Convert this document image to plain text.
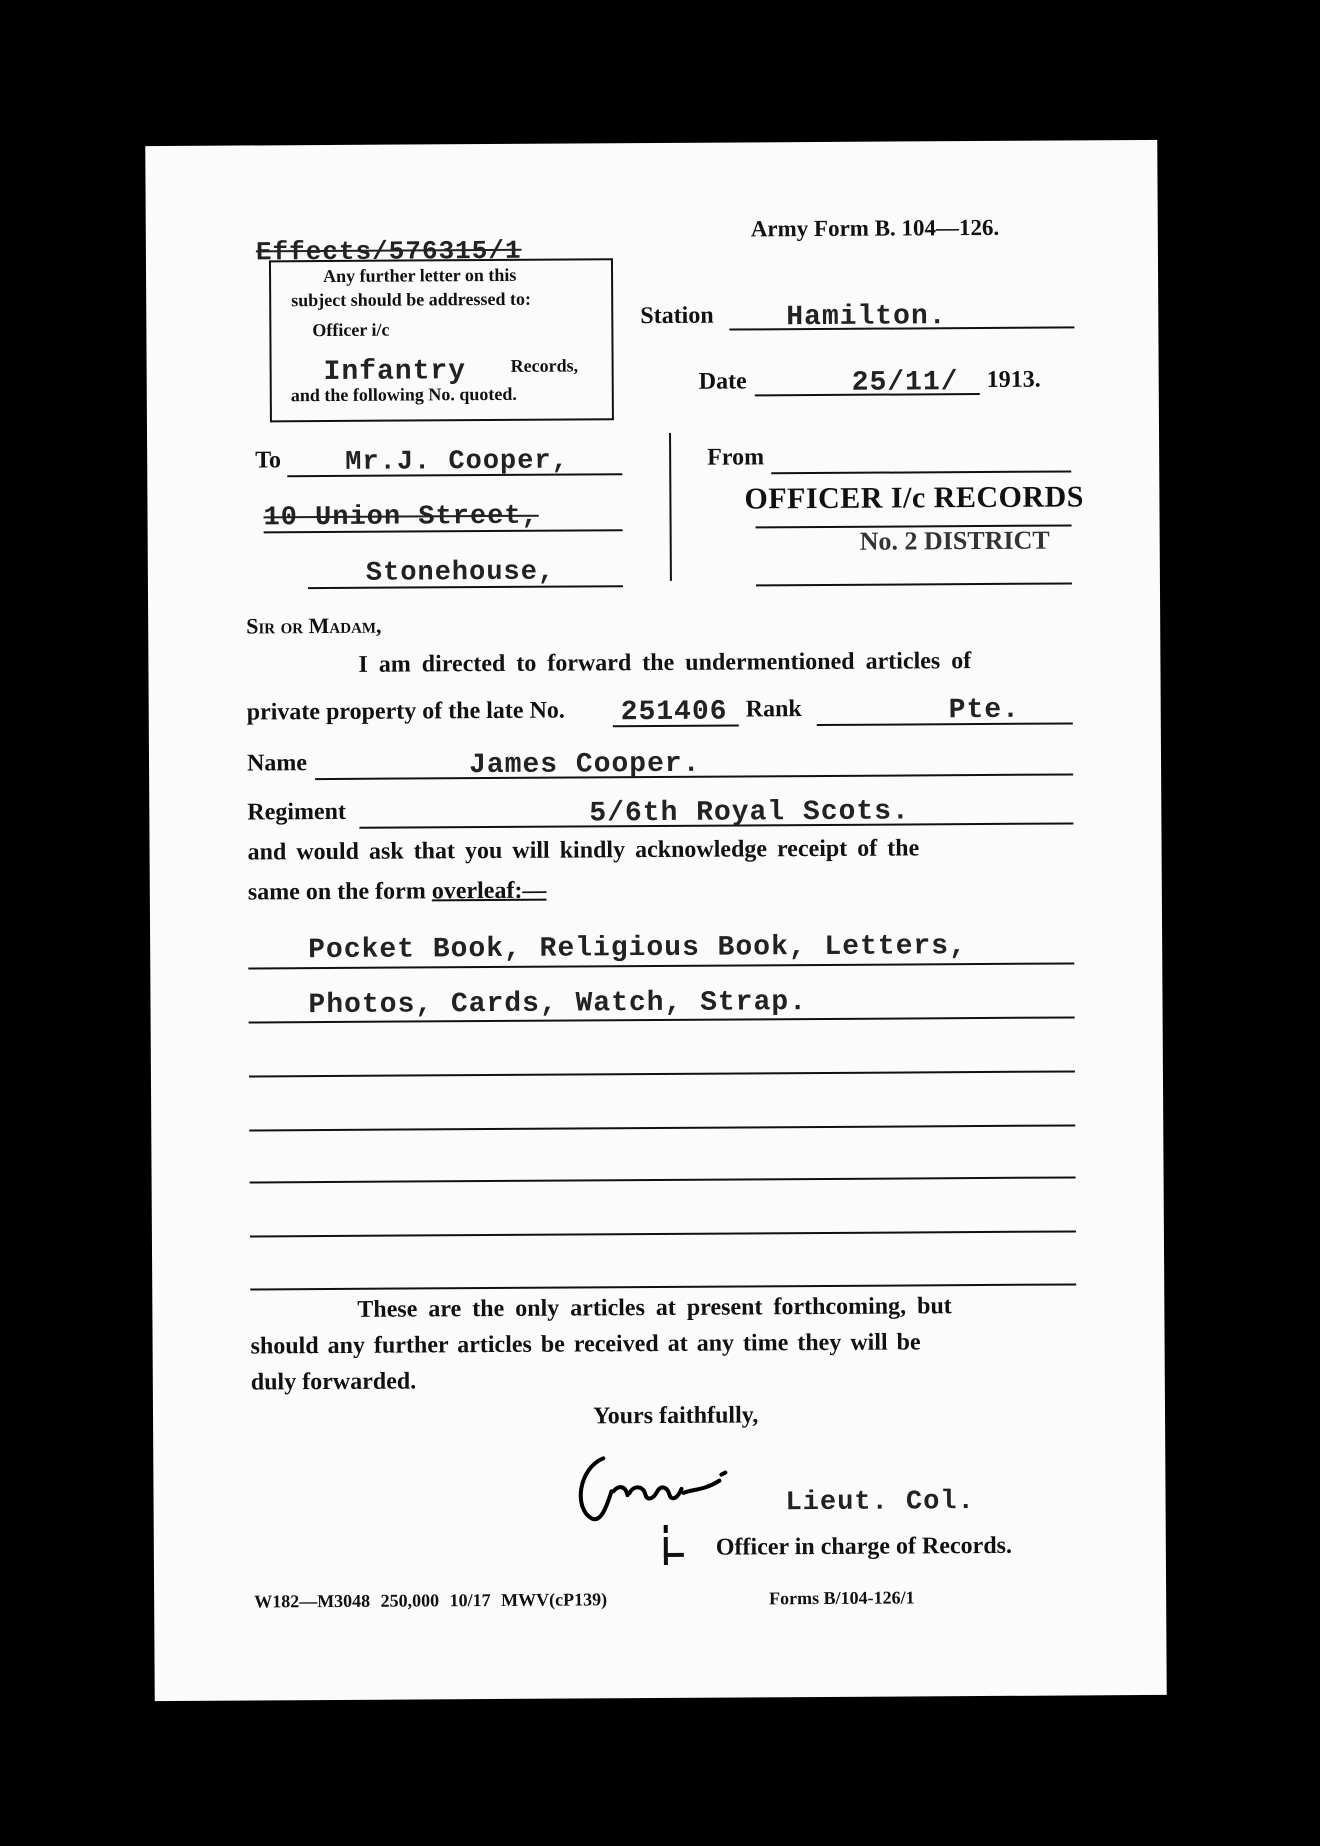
Effects/576315/1
Any further letter on this
subject should be addressed to:
Officer i/c
Infantry Records,
and the following No. quoted.
Army Form B. 104—126.
Station	Hamilton.
Date	25/11/ 1913.
To Mr.J. Cooper,
10 Union Street,
Stonehouse,
From
OFFICER I/c RECORDS
No. 2 DISTRICT
Sir or Madam,
I am directed to forward the undermentioned articles of
private property of the late No. 251406 Rank	Pte.
Name	James Cooper.
Regiment	5/6th Royal Scots.
and would ask that you will kindly acknowledge receipt of the
same on the form overleaf:—
Pocket Book, Religious Book, Letters,
Photos, Cards, Watch, Strap.
These are the only articles at present forthcoming, but
should any further articles be received at any time they will be
duly forwarded.
Yours faithfully,
Lieut. Col.
Officer in charge of Records.
W182—M3048 250,000 10/17 MWV(cP139)	Forms B/104-126/1
